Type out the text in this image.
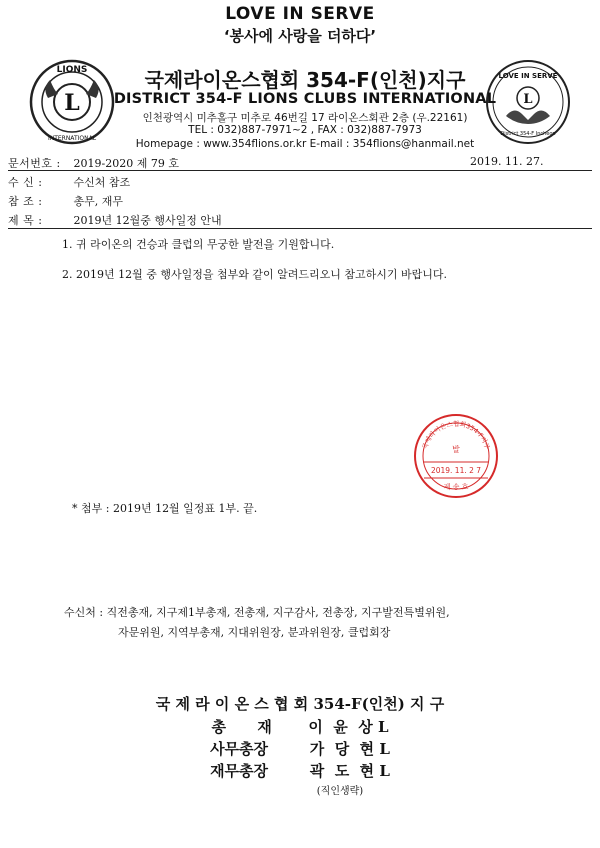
LOVE IN SERVE
‘봉사에 사랑을 더하다’
L
LIONS
INTERNATIONAL
LOVE IN SERVE
L
District 354-F Incheon
국제라이온스협회 354-F(인천)지구
DISTRICT 354-F LIONS CLUBS INTERNATIONAL
인천광역시 미추홀구 미추로 46번길 17 라이온스회관 2층 (우.22161)
TEL : 032)887-7971~2 , FAX : 032)887-7973
Homepage : www.354flions.or.kr E-mail : 354flions@hanmail.net
문서번호 : 2019-2020 제 79 호	2019. 11. 27.
수 신 :	수신처 참조
참 조 :	총무, 재무
제 목 :	2019년 12월중 행사일정 안내
1. 귀 라이온의 건승과 클럽의 무궁한 발전을 기원합니다.
2. 2019년 12월 중 행사일정을 첨부와 같이 알려드리오니 참고하시기 바랍니다.
국제라이온스협회354-F지구
발
2019. 11. 2 7
제 송 호
* 첨부 : 2019년 12월 일정표 1부. 끝.
수신처 : 직전총재, 지구제1부총재, 전총재, 지구감사, 전총장, 지구발전특별위원,
자문위원, 지역부총재, 지대위원장, 분과위원장, 클럽회장
국 제 라 이 온 스 협 회 354-F(인천) 지 구
총      재       이  윤  상 L
사무총장        가  당  현 L
재무총장        곽  도  현 L
(직인생략)
